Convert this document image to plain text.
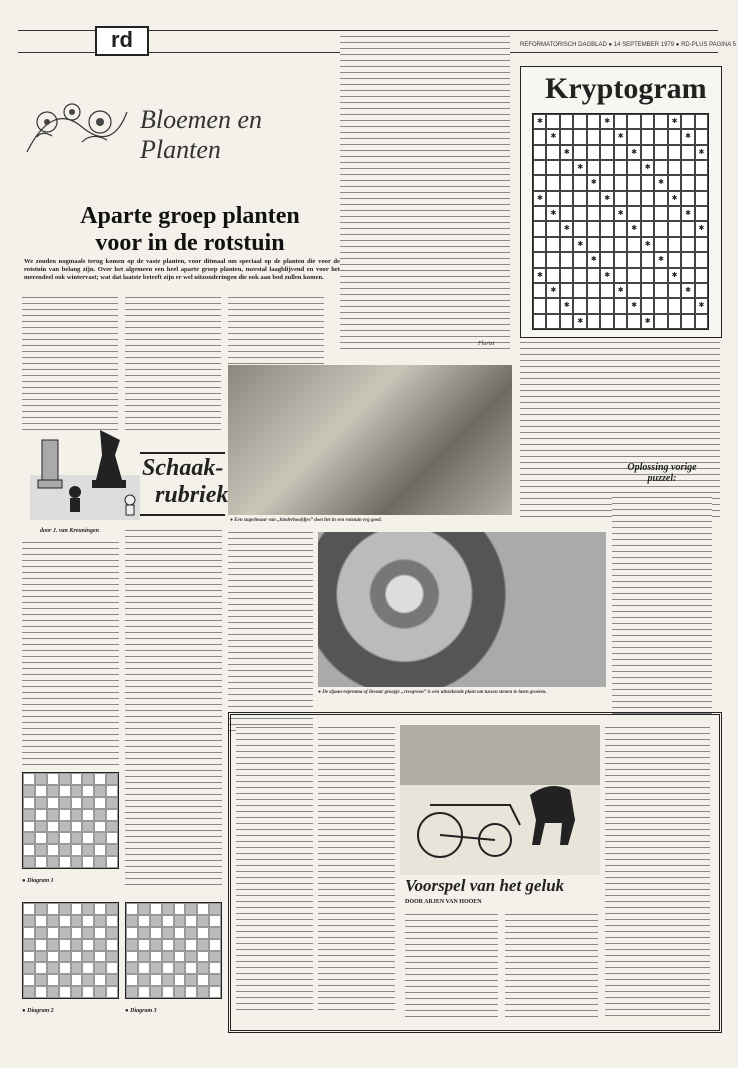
rd	REFORMATORISCH DAGBLAD ● 14 SEPTEMBER 1979 ● RD-PLUS PAGINA 5
Bloemen en Planten
Aparte groep planten
voor in de rotstuin
We zouden nogmaals terug komen op de vaste planten, voor ditmaal om speciaal op de planten die voor de rotstuin van belang zijn. Over het algemeen een heel aparte groep planten, meestal laagblijvend en voor het merendeel ook wintervast; wat dat laatste betreft zijn er wel uitzonderingen die ook aan bod zullen komen.
Florist
● Een stapelmuur van „kinderhoofdjes” doet het in een rotstuin erg goed.
Kryptogram
✱
✱
✱
✱
✱
✱
✱
✱
✱
✱
✱
✱
✱
✱
✱
✱
✱
✱
✱
✱
✱
✱
✱
✱
✱
✱
✱
✱
✱
✱
✱
✱
✱
✱
✱
✱
✱
Oplossing vorige puzzel:
Schaak-
rubriek
door J. van Kreuningen
● Diagram 1
● Diagram 2	● Diagram 3
● De zijaan-reprmma of lievaar groepje „vrsegroen” is een uitstekende plant om tussen stenen te laten groeien.
Voorspel van het geluk
DOOR ARJEN VAN HOOEN
